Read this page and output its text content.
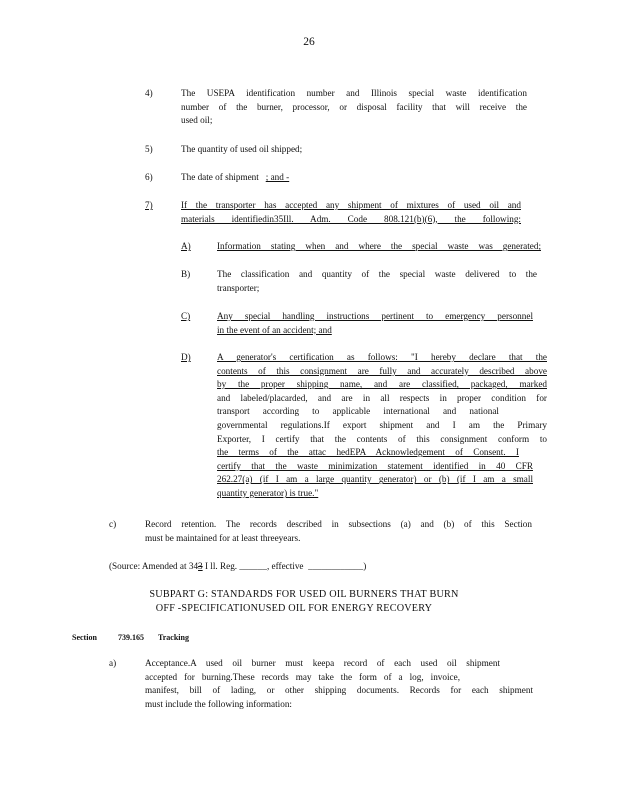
26
4)	The USEPA identification number and Illinois special waste identification
number of the burner, processor, or disposal facility that will receive the
used oil;
5)	The quantity of used oil shipped;
6)	The date of shipment ; and -
7)	If the transporter has accepted any shipment of mixtures of used oil and
materials identifiedin35Ill. Adm. Code 808.121(b)(6), the following:
A)	Information stating when and where the special waste was generated;
B)	The classification and quantity of the special waste delivered to the
transporter;
C)	Any special handling instructions pertinent to emergency personnel
in the event of an accident; and
D)	A generator's certification as follows: "I hereby declare that the
contents of this consignment are fully and accurately described above
by the proper shipping name, and are classified, packaged, marked
and labeled/placarded, and are in all respects in proper condition for
transport according to applicable international and national
governmental regulations.If export shipment and I am the Primary
Exporter, I certify that the contents of this consignment conform to
the terms of the attac hedEPA Acknowledgement of Consent. I
certify that the waste minimization statement identified in 40 CFR
262.27(a) (if I am a large quantity generator) or (b) (if I am a small
quantity generator) is true."
c)	Record retention. The records described in subsections (a) and (b) of this Section
must be maintained for at least threeyears.
(Source: Amended at 343 I ll. Reg. ______, effective ____________)
SUBPART G: STANDARDS FOR USED OIL BURNERS THAT BURN
OFF -SPECIFICATIONUSED OIL FOR ENERGY RECOVERY
Section	739.165 Tracking
a)	Acceptance.A used oil burner must keepa record of each used oil shipment
accepted for burning.These records may take the form of a log, invoice,
manifest, bill of lading, or other shipping documents. Records for each shipment
must include the following information:
